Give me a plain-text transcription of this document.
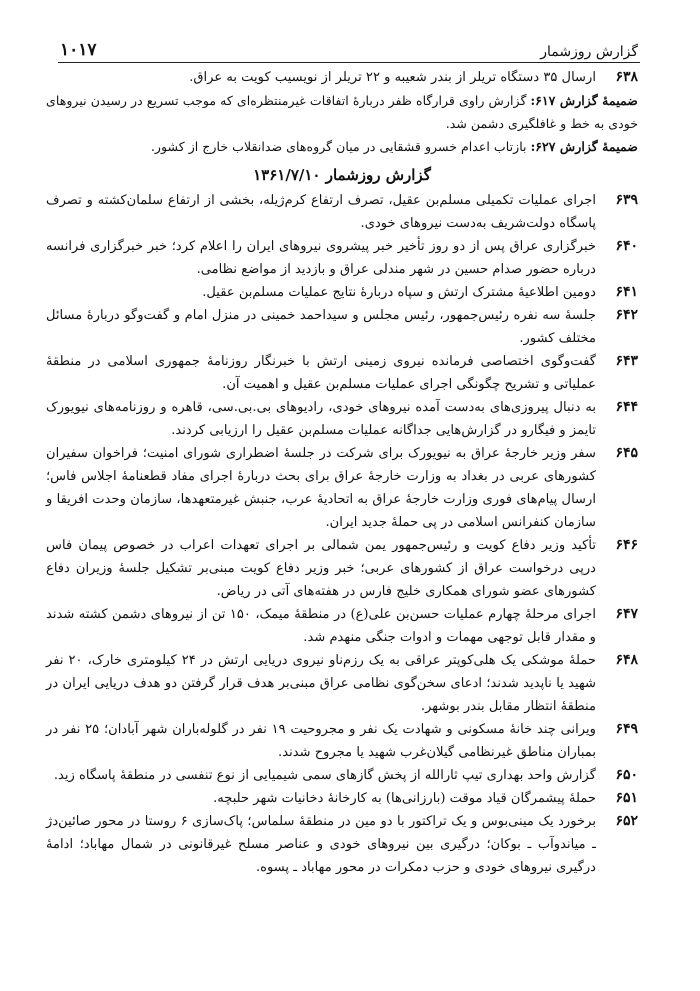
گزارش روزشمار
۱۰۱۷
۶۳۸
ارسال ۳۵ دستگاه تریلر از بندر شعیبه و ۲۲ تریلر از نویسیب کویت به عراق.
ضمیمهٔ گزارش ۶۱۷: گزارش راوی قرارگاه ظفر دربارهٔ اتفاقات غیرمنتظره‌ای که موجب تسریع در رسیدن نیروهای خودی به خط و غافلگیری دشمن شد.
ضمیمهٔ گزارش ۶۲۷: بازتاب اعدام خسرو قشقایی در میان گروه‌های ضدانقلاب خارج از کشور.
گزارش روزشمار ۱۳۶۱/۷/۱۰
۶۳۹
اجرای عملیات تکمیلی مسلم‌بن عقیل، تصرف ارتفاع کرم‌ژیله، بخشی از ارتفاع سلمان‌کشته و تصرف پاسگاه دولت‌شریف به‌دست نیروهای خودی.
۶۴۰
خبرگزاری عراق پس از دو روز تأخیر خبر پیشروی نیروهای ایران را اعلام کرد؛ خبر خبرگزاری فرانسه درباره حضور صدام حسین در شهر مندلی عراق و بازدید از مواضع نظامی.
۶۴۱
دومین اطلاعیهٔ مشترک ارتش و سپاه دربارهٔ نتایج عملیات مسلم‌بن عقیل.
۶۴۲
جلسهٔ سه نفره رئیس‌جمهور، رئیس مجلس و سیداحمد خمینی در منزل امام و گفت‌وگو دربارهٔ مسائل مختلف کشور.
۶۴۳
گفت‌وگوی اختصاصی فرمانده نیروی زمینی ارتش با خبرنگار روزنامهٔ جمهوری اسلامی در منطقهٔ عملیاتی و تشریح چگونگی اجرای عملیات مسلم‌بن عقیل و اهمیت آن.
۶۴۴
به دنبال پیروزی‌های به‌دست آمده نیروهای خودی، رادیوهای بی.بی.سی، قاهره و روزنامه‌های نیویورک تایمز و فیگارو در گزارش‌هایی جداگانه عملیات مسلم‌بن عقیل را ارزیابی کردند.
۶۴۵
سفر وزیر خارجهٔ عراق به نیویورک برای شرکت در جلسهٔ اضطراری شورای امنیت؛ فراخوان سفیران کشورهای عربی در بغداد به وزارت خارجهٔ عراق برای بحث دربارهٔ اجرای مفاد قطعنامهٔ اجلاس فاس؛ ارسال پیام‌های فوری وزارت خارجهٔ عراق به اتحادیهٔ عرب، جنبش غیرمتعهدها، سازمان وحدت افریقا و سازمان کنفرانس اسلامی در پی حملهٔ جدید ایران.
۶۴۶
تأکید وزیر دفاع کویت و رئیس‌جمهور یمن شمالی بر اجرای تعهدات اعراب در خصوص پیمان فاس درپی درخواست عراق از کشورهای عربی؛ خبر وزیر دفاع کویت مبنی‌بر تشکیل جلسهٔ وزیران دفاع کشورهای عضو شورای همکاری خلیج فارس در هفته‌های آتی در ریاض.
۶۴۷
اجرای مرحلهٔ چهارم عملیات حسن‌بن علی(ع) در منطقهٔ میمک، ۱۵۰ تن از نیروهای دشمن کشته شدند و مقدار قابل توجهی مهمات و ادوات جنگی منهدم شد.
۶۴۸
حملهٔ موشکی یک هلی‌کوپتر عراقی به یک رزم‌ناو نیروی دریایی ارتش در ۲۴ کیلومتری خارک، ۲۰ نفر شهید یا ناپدید شدند؛ ادعای سخن‌گوی نظامی عراق مبنی‌بر هدف قرار گرفتن دو هدف دریایی ایران در منطقهٔ انتظار مقابل بندر بوشهر.
۶۴۹
ویرانی چند خانهٔ مسکونی و شهادت یک نفر و مجروحیت ۱۹ نفر در گلوله‌باران شهر آبادان؛ ۲۵ نفر در بمباران مناطق غیرنظامی گیلان‌غرب شهید یا مجروح شدند.
۶۵۰
گزارش واحد بهداری تیپ ثارالله از پخش گازهای سمی شیمیایی از نوع تنفسی در منطقهٔ پاسگاه زید.
۶۵۱
حملهٔ پیشمرگان قیاد موقت (بارزانی‌ها) به کارخانهٔ دخانیات شهر حلبچه.
۶۵۲
برخورد یک مینی‌بوس و یک تراکتور با دو مین در منطقهٔ سلماس؛ پاک‌سازی ۶ روستا در محور صائین‌دژ ـ میاندوآب ـ بوکان؛ درگیری بین نیروهای خودی و عناصر مسلح غیرقانونی در شمال مهاباد؛ ادامهٔ درگیری نیروهای خودی و حزب دمکرات در محور مهاباد ـ پسوه.
